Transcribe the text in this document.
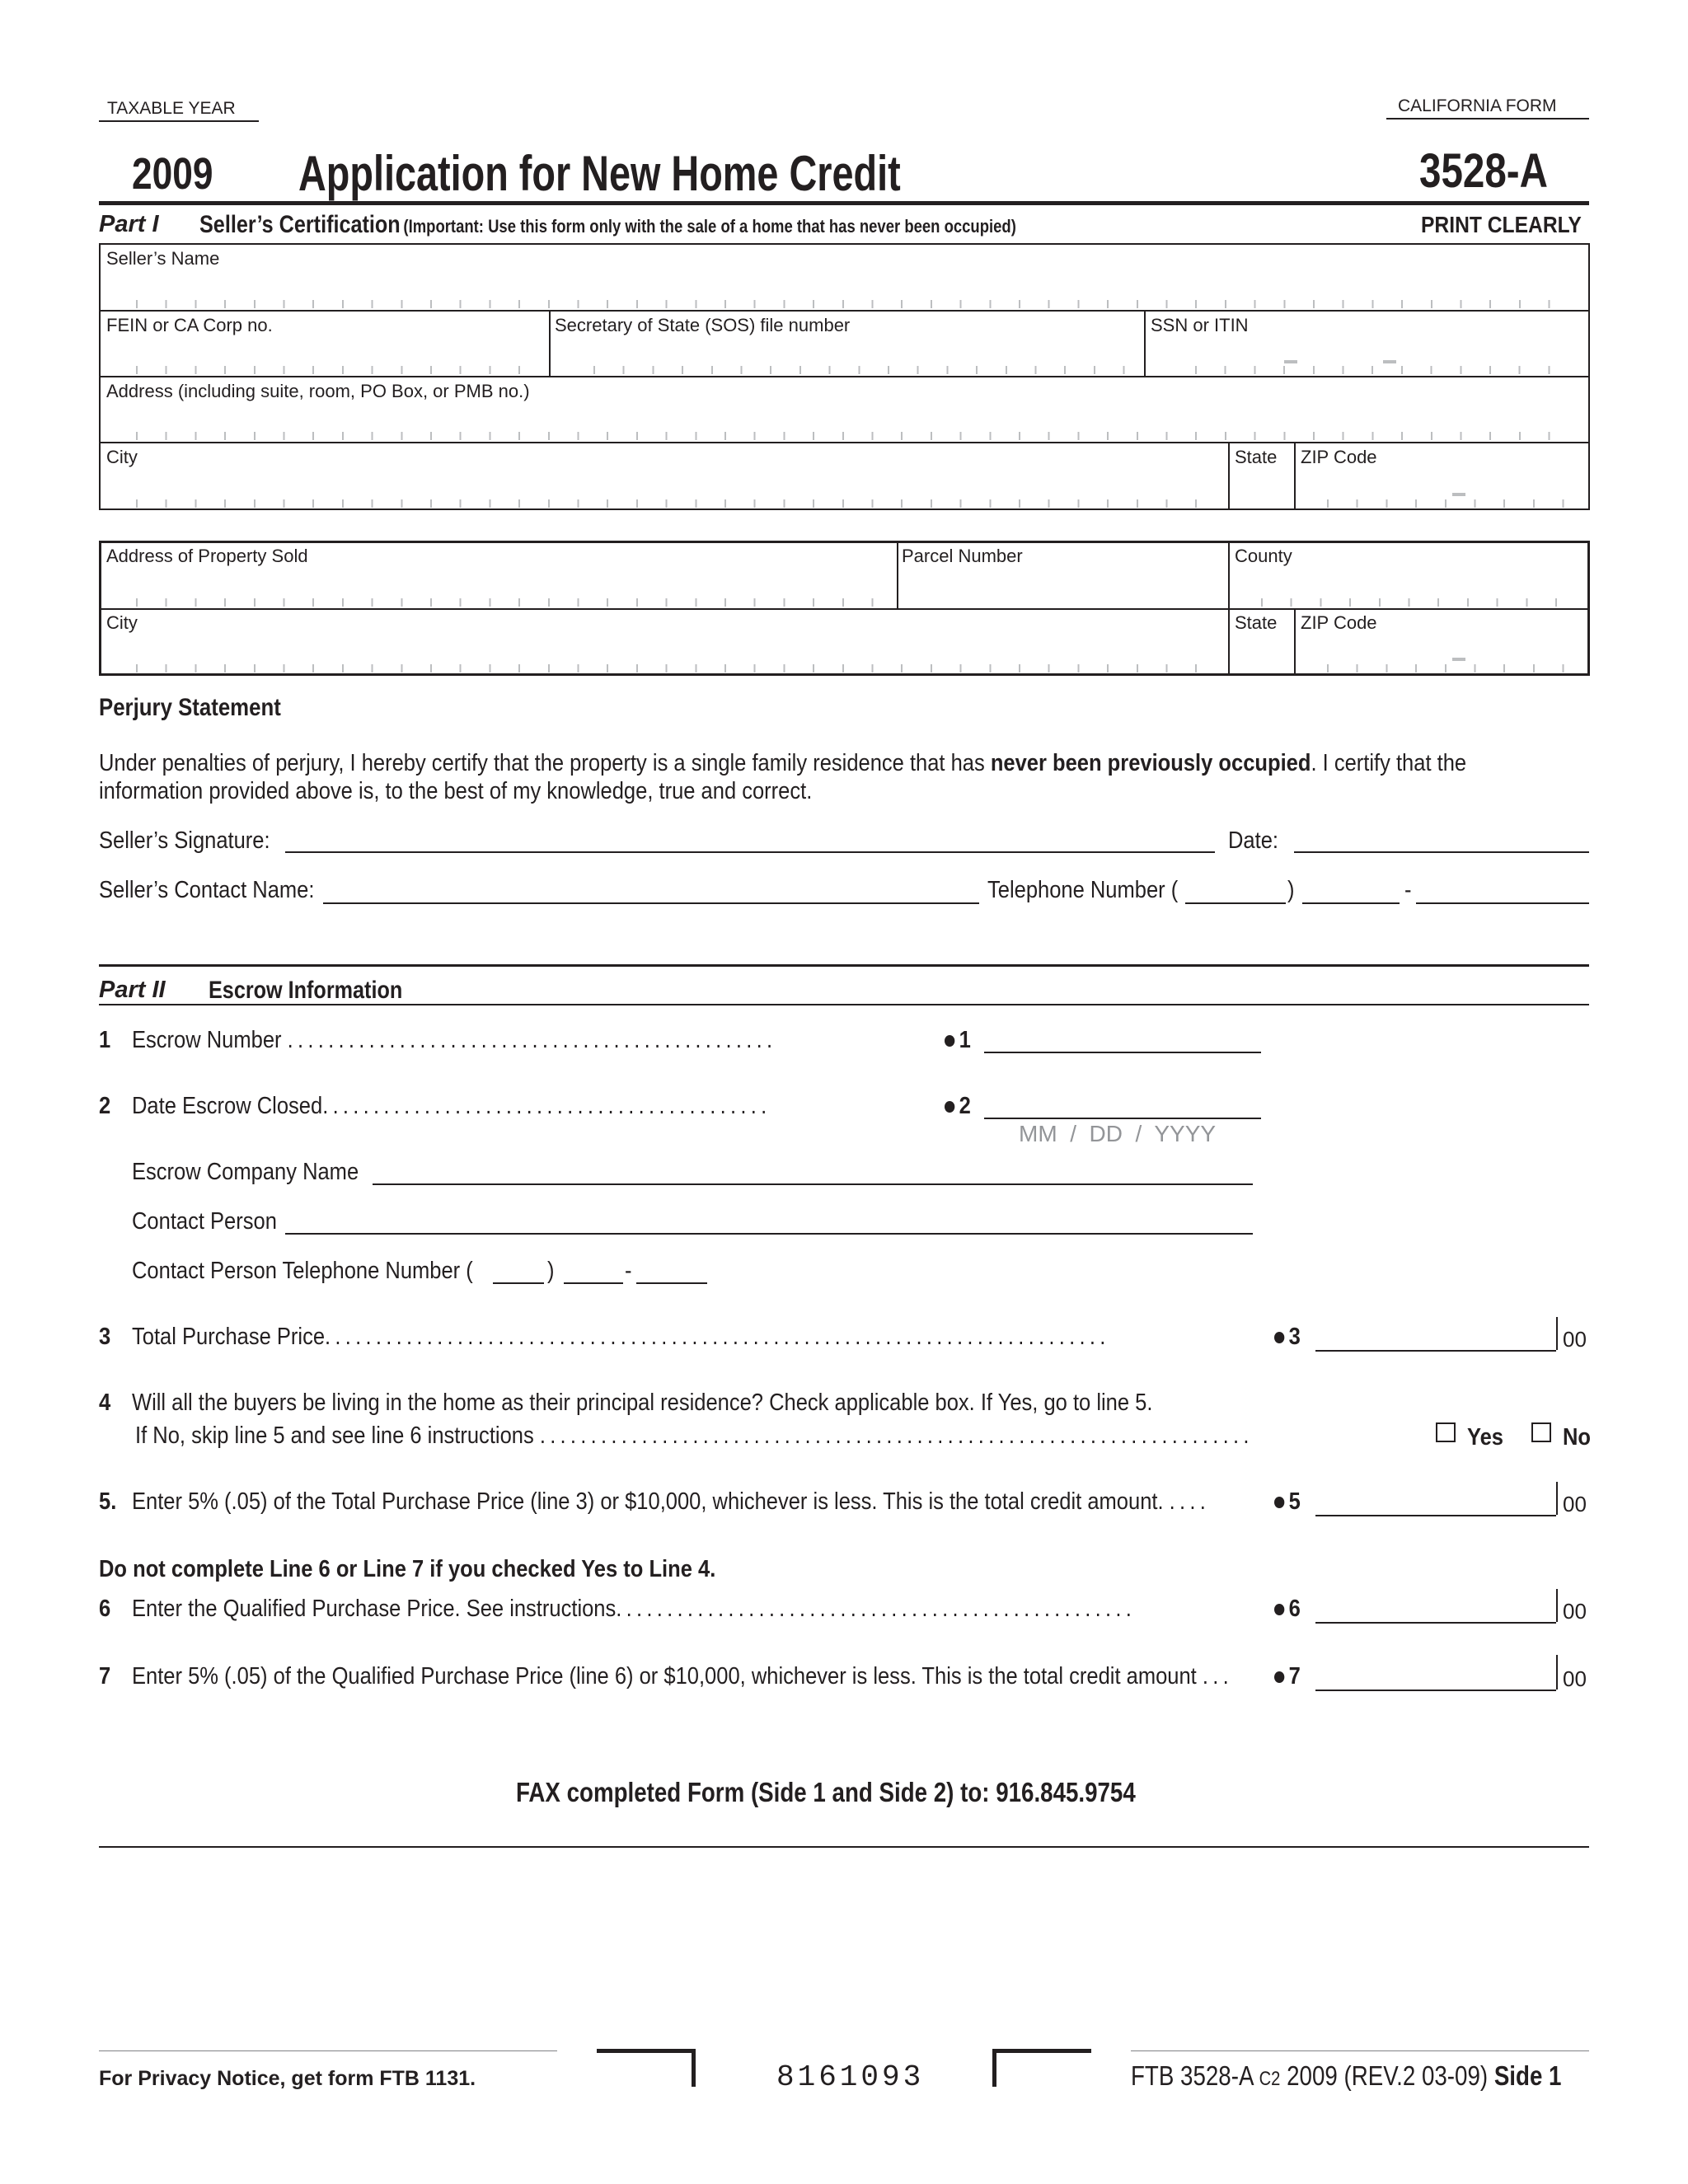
TAXABLE YEAR	CALIFORNIA FORM
2009 Application for New Home Credit	3528-A
Part I Seller’s Certification (Important: Use this form only with the sale of a home that has never been occupied)	PRINT CLEARLY
Seller’s Name
FEIN or CA Corp no.	Secretary of State (SOS) file number	SSN or ITIN
Address (including suite, room, PO Box, or PMB no.)
City	State ZIP Code
Address of Property Sold	Parcel Number	County
City	State ZIP Code
Perjury Statement
Under penalties of perjury, I hereby certify that the property is a single family residence that has never been previously occupied. I certify that the
information provided above is, to the best of my knowledge, true and correct.
Seller’s Signature:	Date:
Seller’s Contact Name:	Telephone Number (	)	-
Part II Escrow Information
1 Escrow Number ................................................	1
2 Date Escrow Closed............................................	2
MM  /  DD  /  YYYY
Escrow Company Name
Contact Person
Contact Person Telephone Number (	)	-
3 Total Purchase Price.............................................................................	3	00
4 Will all the buyers be living in the home as their principal residence? Check applicable box. If Yes, go to line 5.
If No, skip line 5 and see line 6 instructions ......................................................................	Yes No
5. Enter 5% (.05) of the Total Purchase Price (line 3) or $10,000, whichever is less. This is the total credit amount. ....	5	00
Do not complete Line 6 or Line 7 if you checked Yes to Line 4.
6 Enter the Qualified Purchase Price. See instructions...................................................	6	00
7 Enter 5% (.05) of the Qualified Purchase Price (line 6) or $10,000, whichever is less. This is the total credit amount ...	7	00
FAX completed Form (Side 1 and Side 2) to: 916.845.9754
For Privacy Notice, get form FTB 1131.	8161093	FTB 3528-A C2 2009 (REV.2 03-09) Side 1
